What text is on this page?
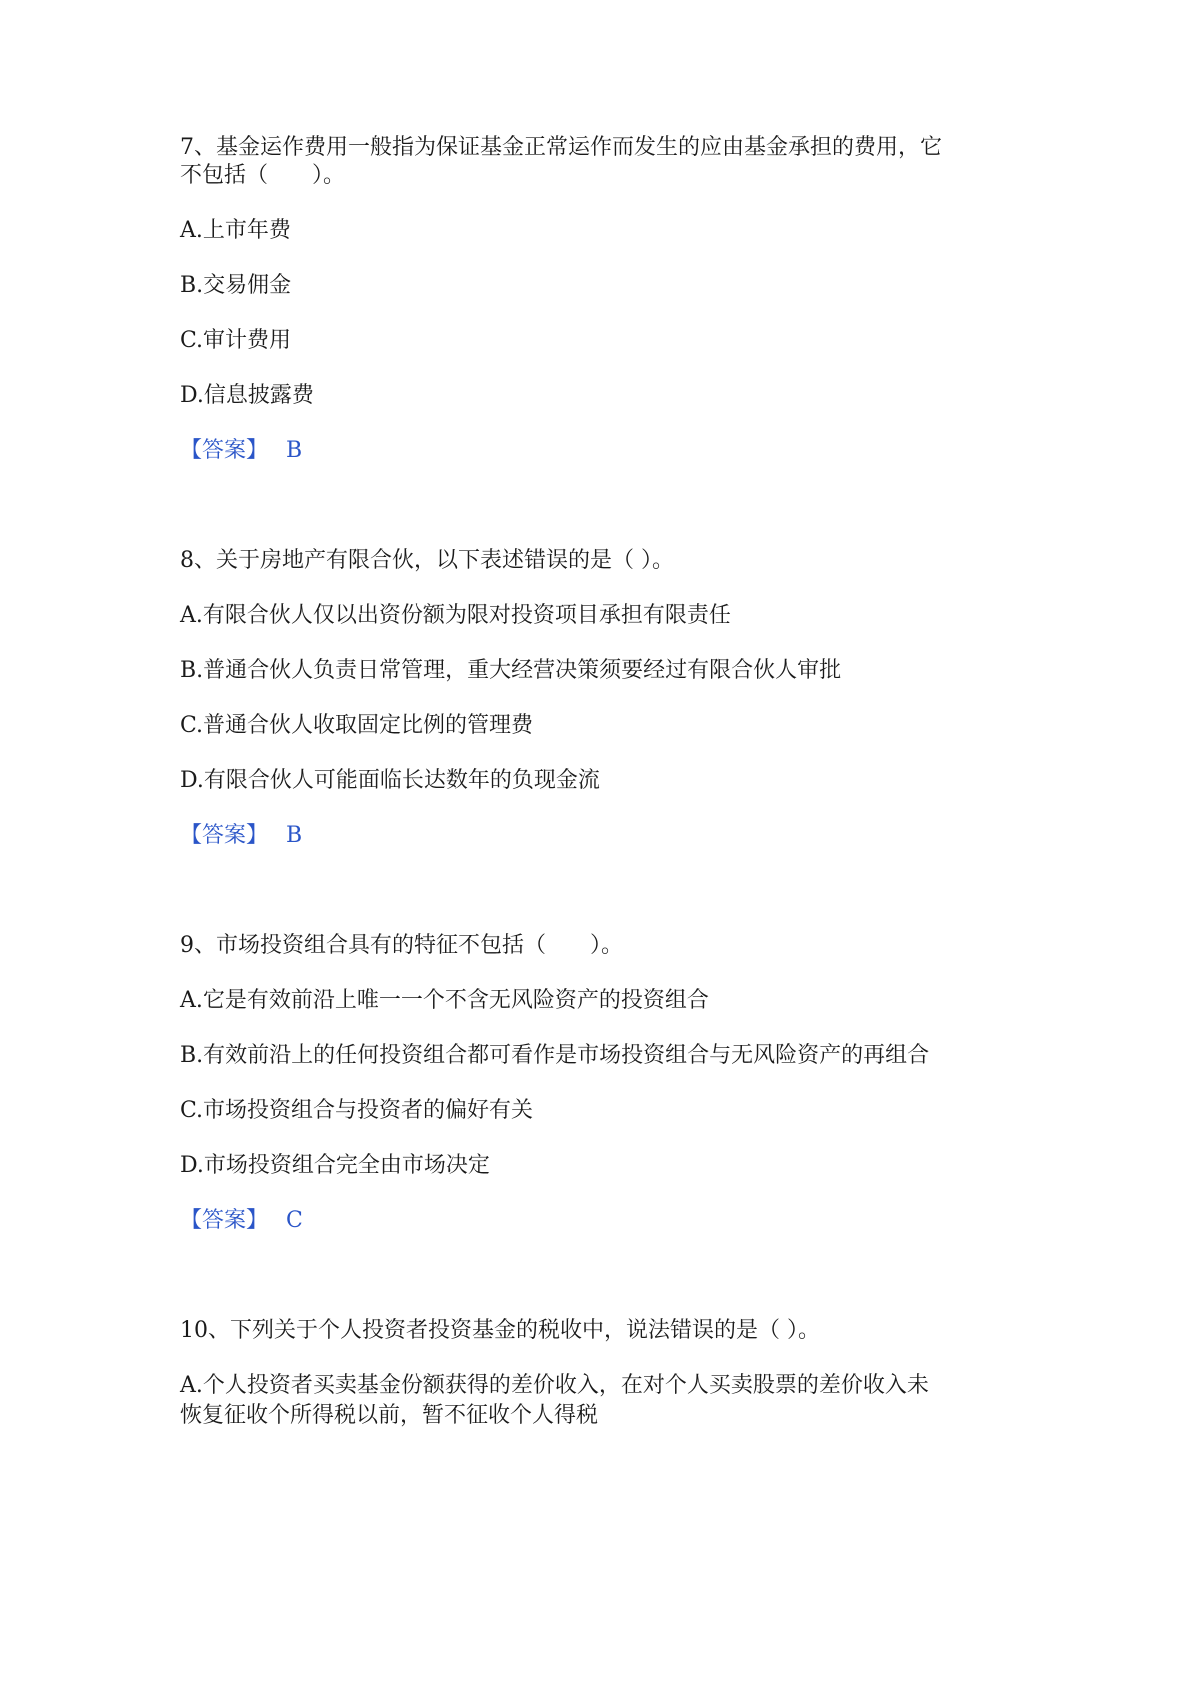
7、基金运作费用一般指为保证基金正常运作而发生的应由基金承担的费用，它
不包括（　　）。
A.上市年费
B.交易佣金
C.审计费用
D.信息披露费
【答案】 B
8、关于房地产有限合伙，以下表述错误的是（ ）。
A.有限合伙人仅以出资份额为限对投资项目承担有限责任
B.普通合伙人负责日常管理，重大经营决策须要经过有限合伙人审批
C.普通合伙人收取固定比例的管理费
D.有限合伙人可能面临长达数年的负现金流
【答案】 B
9、市场投资组合具有的特征不包括（　　）。
A.它是有效前沿上唯一一个不含无风险资产的投资组合
B.有效前沿上的任何投资组合都可看作是市场投资组合与无风险资产的再组合
C.市场投资组合与投资者的偏好有关
D.市场投资组合完全由市场决定
【答案】 C
10、下列关于个人投资者投资基金的税收中，说法错误的是（ ）。
A.个人投资者买卖基金份额获得的差价收入，在对个人买卖股票的差价收入未
恢复征收个所得税以前，暂不征收个人得税
